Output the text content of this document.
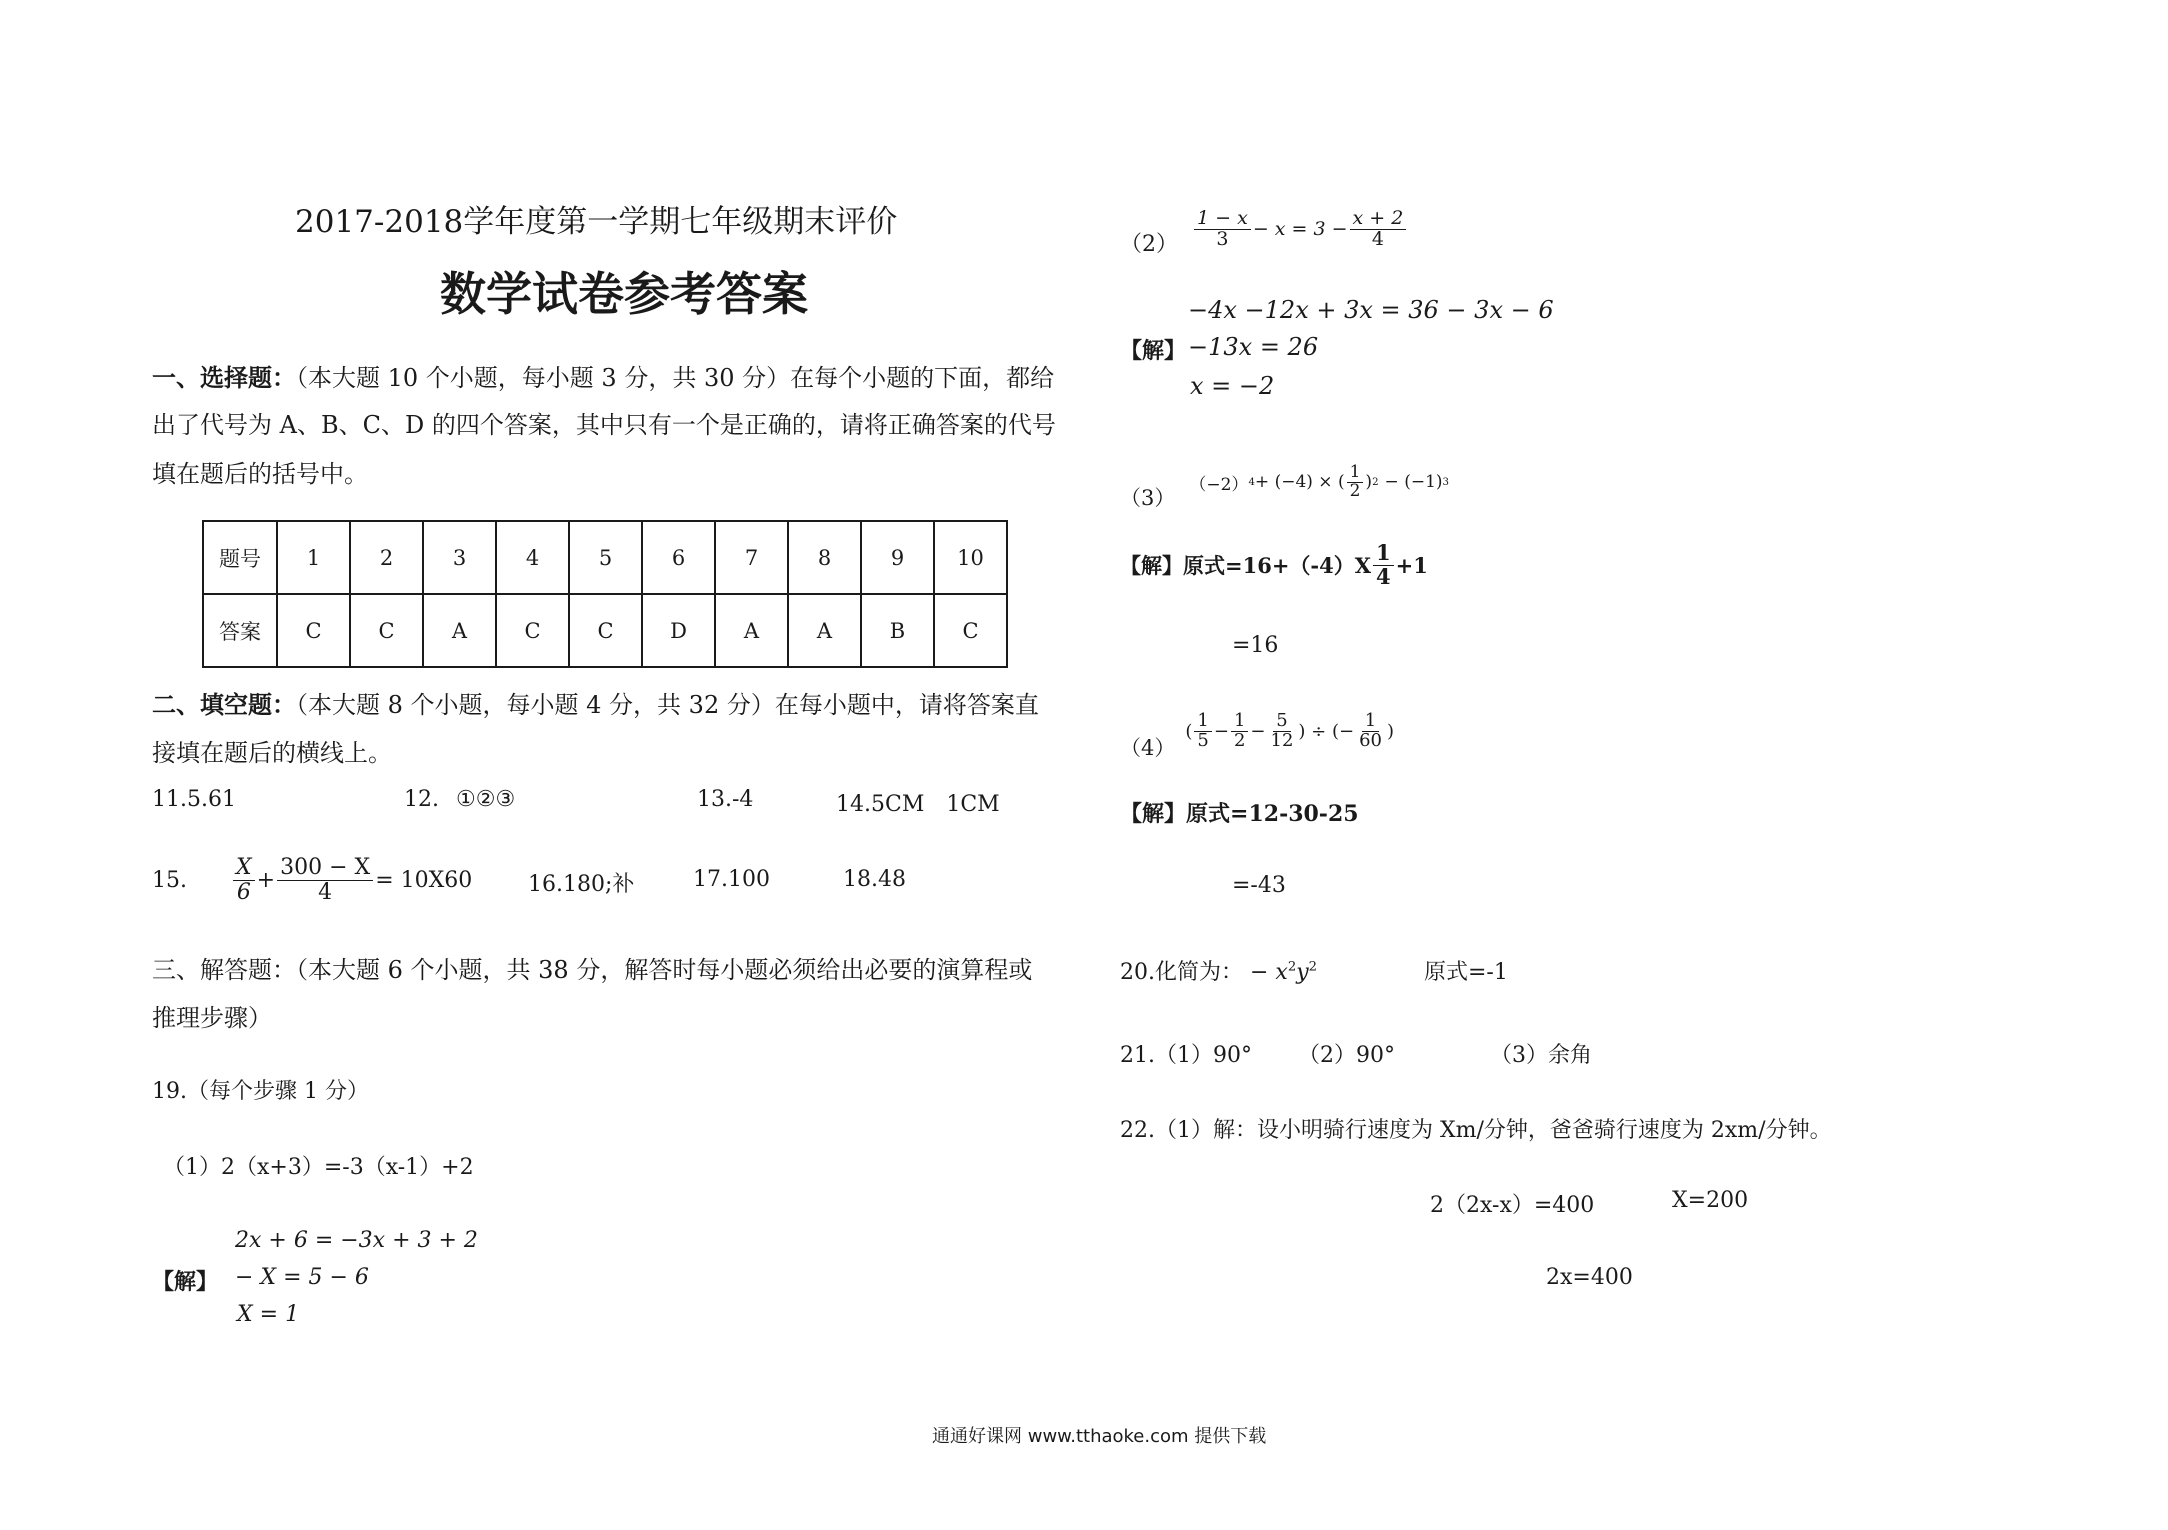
2017-2018学年度第一学期七年级期末评价
数学试卷参考答案
一、选择题：（本大题 10 个小题，每小题 3 分，共 30 分）在每个小题的下面，都给
出了代号为 A、B、C、D 的四个答案，其中只有一个是正确的，请将正确答案的代号
填在题后的括号中。
题号	1	2	3	4	5	6	7	8	9	10
答案	C	C	A	C	C	D	A	A	B	C
二、填空题：（本大题 8 个小题，每小题 4 分，共 32 分）在每小题中，请将答案直
接填在题后的横线上。
11.5.61	12. ①②③	13.-4	14.5CM　1CM
15. $\frac{X}{6} + \frac{300 - X}{4} = 10X60$	16.180;补	17.100	18.48
三、解答题：（本大题 6 个小题，共 38 分，解答时每小题必须给出必要的演算程或
推理步骤）
19.（每个步骤 1 分）
（1）2（x+3）=-3（x-1）+2
2x + 6 = −3x + 3 + 2
【解】 − X = 5 − 6
X = 1
$(2) \frac{1 - x}{3} - x = 3 - \frac{x + 2}{4}$
−4x −12x + 3x = 36 − 3x − 6
【解】 −13x = 26
x = −2
（3）
（−2） 4 + (−4) × ( $\frac{1}{2}$ ) 2 − (−1) 3
【解】 原式$=16+(-4)X \frac{1}{4} +1$
=16
（4）
( $\frac{1}{5} - \frac{1}{2} - \frac{5}{12}$ ) ÷ (− $\frac{1}{60}$ )
【解】原式=12-30-25
=-43
20.化简为： − $x^2y^2$	原式=-1
21.（1）90° （2）90°	（3）余角
22.（1）解：设小明骑行速度为 Xm/分钟，爸爸骑行速度为 2xm/分钟。
2（2x-x）=400	X=200
2x=400
通通好课网 www.tthaoke.com 提供下载
